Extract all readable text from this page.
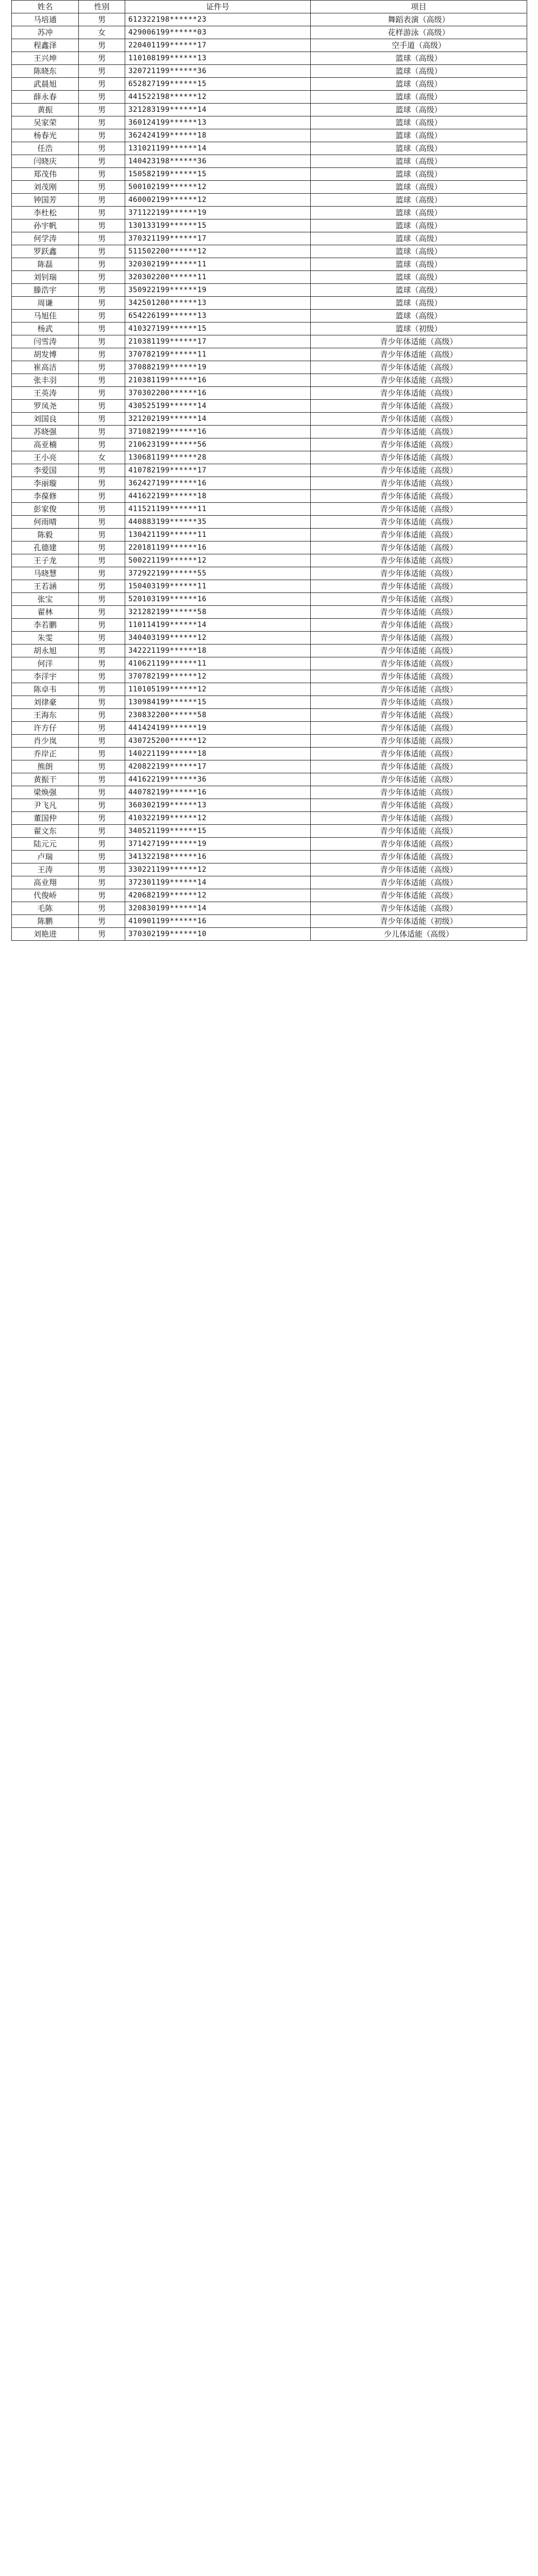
姓名	性别	证件号	项目
马培通	男	612322198******23	舞蹈表演（高级）
苏冲	女	429006199******03	花样游泳（高级）
程鑫泽	男	220401199******17	空手道（高级）
王兴坤	男	110108199******13	篮球（高级）
陈晓东	男	320721199******36	篮球（高级）
武晨旭	男	652827199******15	篮球（高级）
薛永春	男	441522198******12	篮球（高级）
黄振	男	321283199******14	篮球（高级）
吴家荣	男	360124199******13	篮球（高级）
杨春光	男	362424199******18	篮球（高级）
任浩	男	131021199******14	篮球（高级）
闫晓庆	男	140423198******36	篮球（高级）
郑茂伟	男	150582199******15	篮球（高级）
刘茂刚	男	500102199******12	篮球（高级）
钟国芳	男	460002199******12	篮球（高级）
李杜松	男	371122199******19	篮球（高级）
孙宇帆	男	130133199******15	篮球（高级）
何学涛	男	370321199******17	篮球（高级）
罗跃鑫	男	511502200******12	篮球（高级）
陈磊	男	320302199******11	篮球（高级）
刘钊瑞	男	320302200******11	篮球（高级）
滕浩宇	男	350922199******19	篮球（高级）
周谦	男	342501200******13	篮球（高级）
马旭佳	男	654226199******13	篮球（高级）
杨武	男	410327199******15	篮球（初级）
闫雪涛	男	210381199******17	青少年体适能（高级）
胡发博	男	370782199******11	青少年体适能（高级）
崔高洁	男	370882199******19	青少年体适能（高级）
张丰羽	男	210381199******16	青少年体适能（高级）
王英涛	男	370302200******16	青少年体适能（高级）
罗凤尧	男	430525199******14	青少年体适能（高级）
刘国良	男	321202199******14	青少年体适能（高级）
苏晓强	男	371082199******16	青少年体适能（高级）
高亚楠	男	210623199******56	青少年体适能（高级）
王小亮	女	130681199******28	青少年体适能（高级）
李爱国	男	410782199******17	青少年体适能（高级）
李丽璇	男	362427199******16	青少年体适能（高级）
李葆修	男	441622199******18	青少年体适能（高级）
彭家俊	男	411521199******11	青少年体适能（高级）
何雨晴	男	440883199******35	青少年体适能（高级）
陈毅	男	130421199******11	青少年体适能（高级）
孔德建	男	220181199******16	青少年体适能（高级）
王子龙	男	500221199******12	青少年体适能（高级）
马晓慧	男	372922199******55	青少年体适能（高级）
王若涵	男	150403199******11	青少年体适能（高级）
张宝	男	520103199******16	青少年体适能（高级）
翟林	男	321282199******58	青少年体适能（高级）
李若鹏	男	110114199******14	青少年体适能（高级）
朱雯	男	340403199******12	青少年体适能（高级）
胡永旭	男	342221199******18	青少年体适能（高级）
何洋	男	410621199******11	青少年体适能（高级）
李洋宇	男	370782199******12	青少年体适能（高级）
陈卓韦	男	110105199******12	青少年体适能（高级）
刘律豪	男	130984199******15	青少年体适能（高级）
王海东	男	230832200******58	青少年体适能（高级）
许方仔	男	441424199******19	青少年体适能（高级）
肖少岚	男	430725200******12	青少年体适能（高级）
乔岸正	男	140221199******18	青少年体适能（高级）
熊朗	男	420822199******17	青少年体适能（高级）
黄振干	男	441622199******36	青少年体适能（高级）
梁焕强	男	440782199******16	青少年体适能（高级）
尹飞凡	男	360302199******13	青少年体适能（高级）
董国仲	男	410322199******12	青少年体适能（高级）
翟文东	男	340521199******15	青少年体适能（高级）
陆元元	男	371427199******19	青少年体适能（高级）
卢瑞	男	341322198******16	青少年体适能（高级）
王涛	男	330221199******12	青少年体适能（高级）
高业翔	男	372301199******14	青少年体适能（高级）
代俊峤	男	420682199******12	青少年体适能（高级）
毛陈	男	320830199******14	青少年体适能（高级）
陈鹏	男	410901199******16	青少年体适能（初级）
刘艳进	男	370302199******10	少儿体适能（高级）
